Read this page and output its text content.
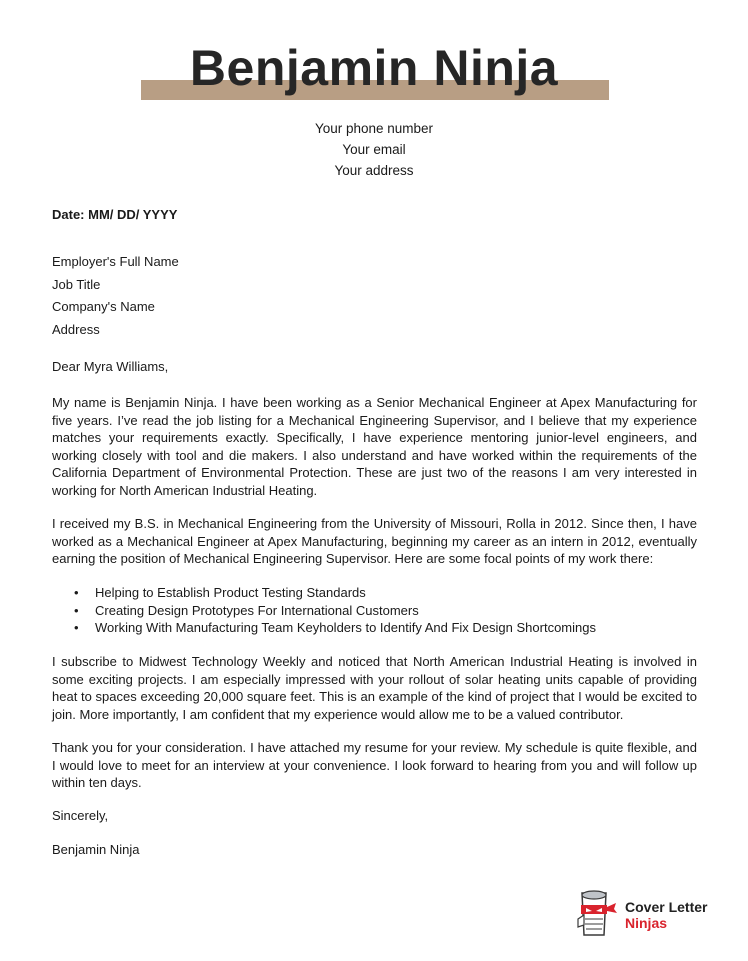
Benjamin Ninja
Your phone number
Your email
Your address
Date: MM/ DD/ YYYY
Employer's Full Name
Job Title
Company's Name
Address
Dear Myra Williams,

My name is Benjamin Ninja. I have been working as a Senior Mechanical Engineer at Apex Manufacturing for five years. I’ve read the job listing for a Mechanical Engineering Supervisor, and I believe that my experience matches your requirements exactly. Specifically, I have experience mentoring junior-level engineers, and working closely with tool and die makers. I also understand and have worked within the requirements of the California Department of Environmental Protection. These are just two of the reasons I am very interested in working for North American Industrial Heating.

I received my B.S. in Mechanical Engineering from the University of Missouri, Rolla in 2012. Since then, I have worked as a Mechanical Engineer at Apex Manufacturing, beginning my career as an intern in 2012, eventually earning the position of Mechanical Engineering Supervisor. Here are some focal points of my work there:

• Helping to Establish Product Testing Standards
• Creating Design Prototypes For International Customers
• Working With Manufacturing Team Keyholders to Identify And Fix Design Shortcomings

I subscribe to Midwest Technology Weekly and noticed that North American Industrial Heating is involved in some exciting projects. I am especially impressed with your rollout of solar heating units capable of providing heat to spaces exceeding 20,000 square feet. This is an example of the kind of project that I would be excited to join. More importantly, I am confident that my experience would allow me to be a valued contributor.

Thank you for your consideration. I have attached my resume for your review. My schedule is quite flexible, and I would love to meet for an interview at your convenience. I look forward to hearing from you and will follow up within ten days.

Sincerely,
Benjamin Ninja
Cover Letter
Ninjas
